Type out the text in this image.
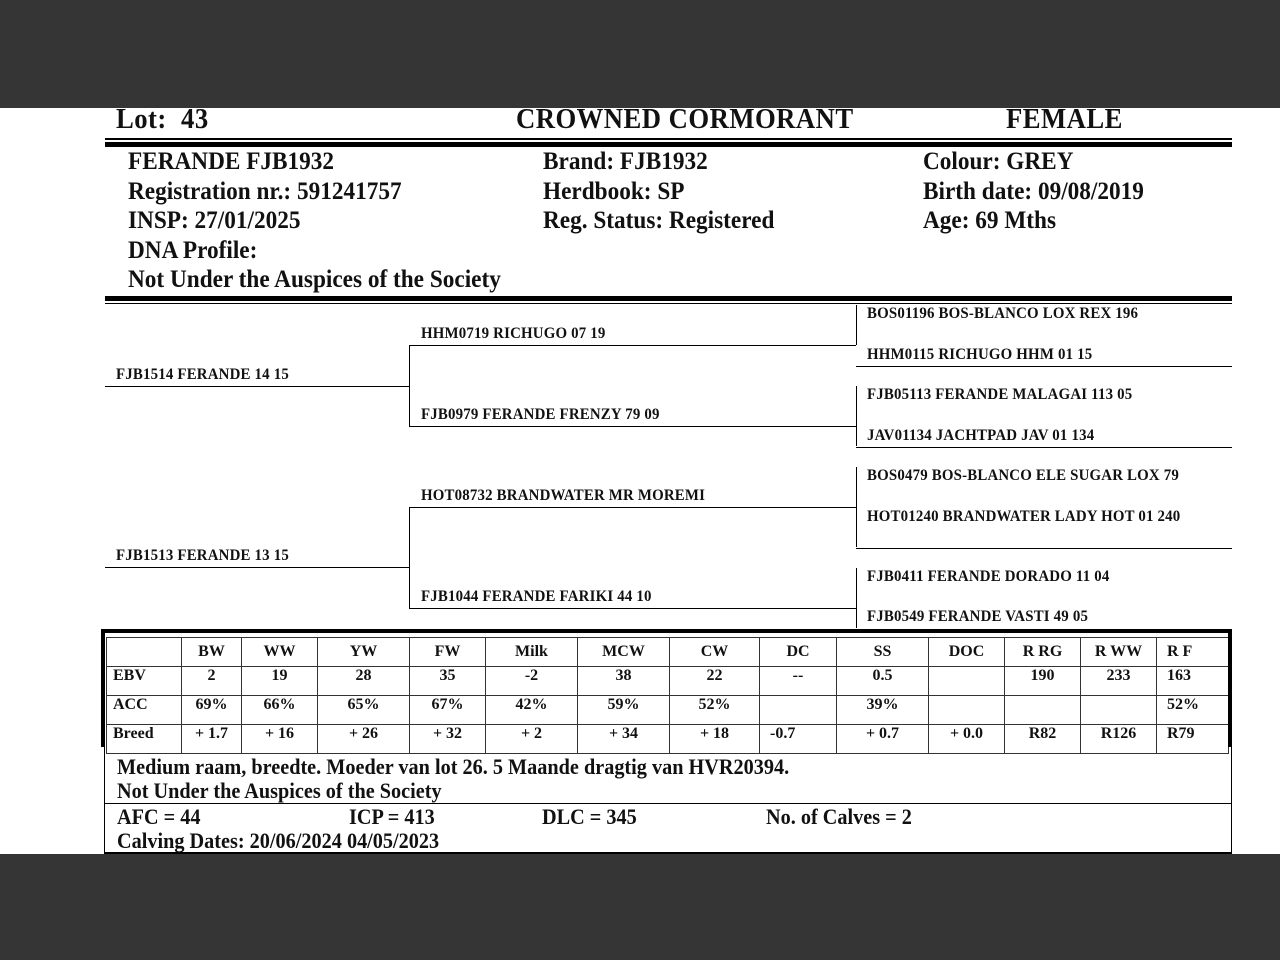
Lot: 43	CROWNED CORMORANT	FEMALE
FERANDE FJB1932
Registration nr.: 591241757
INSP: 27/01/2025
DNA Profile:
Not Under the Auspices of the Society
Brand: FJB1932
Herdbook: SP
Reg. Status: Registered
Colour: GREY
Birth date: 09/08/2019
Age: 69 Mths
FJB1514 FERANDE 14 15
FJB1513 FERANDE 13 15
HHM0719 RICHUGO 07 19
FJB0979 FERANDE FRENZY 79 09
HOT08732 BRANDWATER MR MOREMI
FJB1044 FERANDE FARIKI 44 10
BOS01196 BOS-BLANCO LOX REX 196
HHM0115 RICHUGO HHM 01 15
FJB05113 FERANDE MALAGAI 113 05
JAV01134 JACHTPAD JAV 01 134
BOS0479 BOS-BLANCO ELE SUGAR LOX 79
HOT01240 BRANDWATER LADY HOT 01 240
FJB0411 FERANDE DORADO 11 04
FJB0549 FERANDE VASTI 49 05
	BW	WW	YW	FW	Milk	MCW	CW	DC	SS	DOC	R RG	R WW	R F
EBV	2	19	28	35	-2	38	22	--	0.5		190	233	163
ACC	69%	66%	65%	67%	42%	59%	52%		39%				52%
Breed	+ 1.7	+ 16	+ 26	+ 32	+ 2	+ 34	+ 18	-0.7	+ 0.7	+ 0.0	R82	R126	R79
Medium raam, breedte. Moeder van lot 26. 5 Maande dragtig van HVR20394.
Not Under the Auspices of the Society
AFC = 44	ICP = 413	DLC = 345	No. of Calves = 2
Calving Dates: 20/06/2024 04/05/2023
